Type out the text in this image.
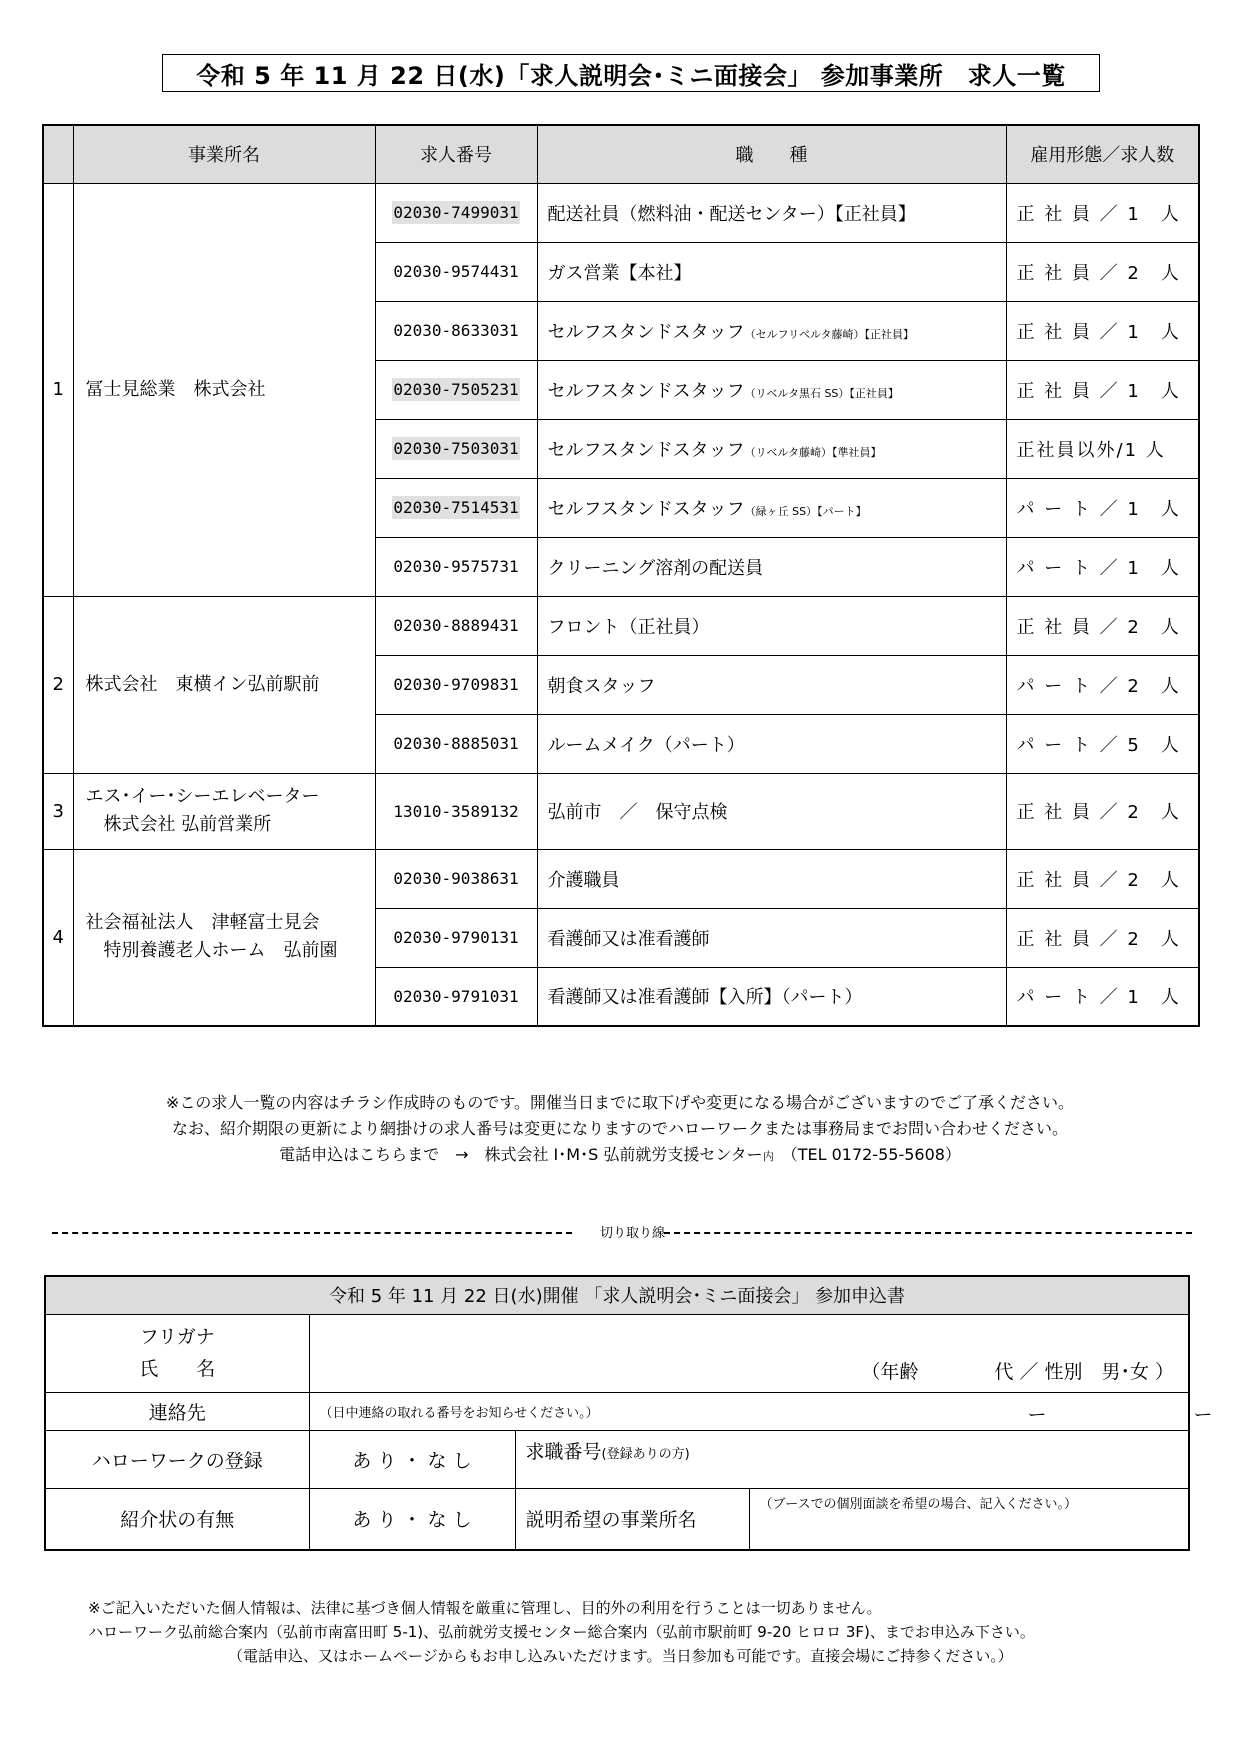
令和 5 年 11 月 22 日(水)「求人説明会･ミニ面接会」 参加事業所　求人一覧
	事業所名	求人番号	職　　種	雇用形態／求人数
1	冨士見総業　株式会社	02030-7499031	配送社員（燃料油・配送センター）【正社員】	正 社 員 ／ 1　人
		02030-9574431	ガス営業【本社】	正 社 員 ／ 2　人
		02030-8633031	セルフスタンドスタッフ（セルフリベルタ藤崎）【正社員】	正 社 員 ／ 1　人
		02030-7505231	セルフスタンドスタッフ（リベルタ黒石 SS）【正社員】	正 社 員 ／ 1　人
		02030-7503031	セルフスタンドスタッフ（リベルタ藤崎）【準社員】	正社員以外/1 人
		02030-7514531	セルフスタンドスタッフ（緑ヶ丘 SS）【パート】	パ ー ト ／ 1　人
		02030-9575731	クリーニング溶剤の配送員	パ ー ト ／ 1　人
2	株式会社　東横イン弘前駅前	02030-8889431	フロント（正社員）	正 社 員 ／ 2　人
		02030-9709831	朝食スタッフ	パ ー ト ／ 2　人
		02030-8885031	ルームメイク（パート）	パ ー ト ／ 5　人
3	エス･イー･シーエレベーター
　株式会社 弘前営業所	13010-3589132	弘前市　／　保守点検	正 社 員 ／ 2　人
4	社会福祉法人　津軽富士見会
　特別養護老人ホーム　弘前園	02030-9038631	介護職員	正 社 員 ／ 2　人
		02030-9790131	看護師又は准看護師	正 社 員 ／ 2　人
		02030-9791031	看護師又は准看護師【入所】（パート）	パ ー ト ／ 1　人
※この求人一覧の内容はチラシ作成時のものです。開催当日までに取下げや変更になる場合がございますのでご了承ください。
なお、紹介期限の更新により網掛けの求人番号は変更になりますのでハローワークまたは事務局までお問い合わせください。
電話申込はこちらまで　→　株式会社 I･M･S 弘前就労支援センター内　 （TEL 0172-55-5608）
切り取り線
令和 5 年 11 月 22 日(水)開催 「求人説明会･ミニ面接会」 参加申込書			

フリガナ
氏　　名	（年齢　　　　代 ／ 性別　男･女 ）		
連絡先	（日中連絡の取れる番号をお知らせください。） ー ー		

ハローワークの登録	あ り ・ な し	求職番号(登録ありの方)	
紹介状の有無	あ り ・ な し	説明希望の事業所名	（ブースでの個別面談を希望の場合、記入ください。）
※ご記入いただいた個人情報は、法律に基づき個人情報を厳重に管理し、目的外の利用を行うことは一切ありません。
ハローワーク弘前総合案内（弘前市南富田町 5-1)、弘前就労支援センター総合案内（弘前市駅前町 9-20 ヒロロ 3F)、までお申込み下さい。
（電話申込、又はホームページからもお申し込みいただけます。当日参加も可能です。直接会場にご持参ください。）
